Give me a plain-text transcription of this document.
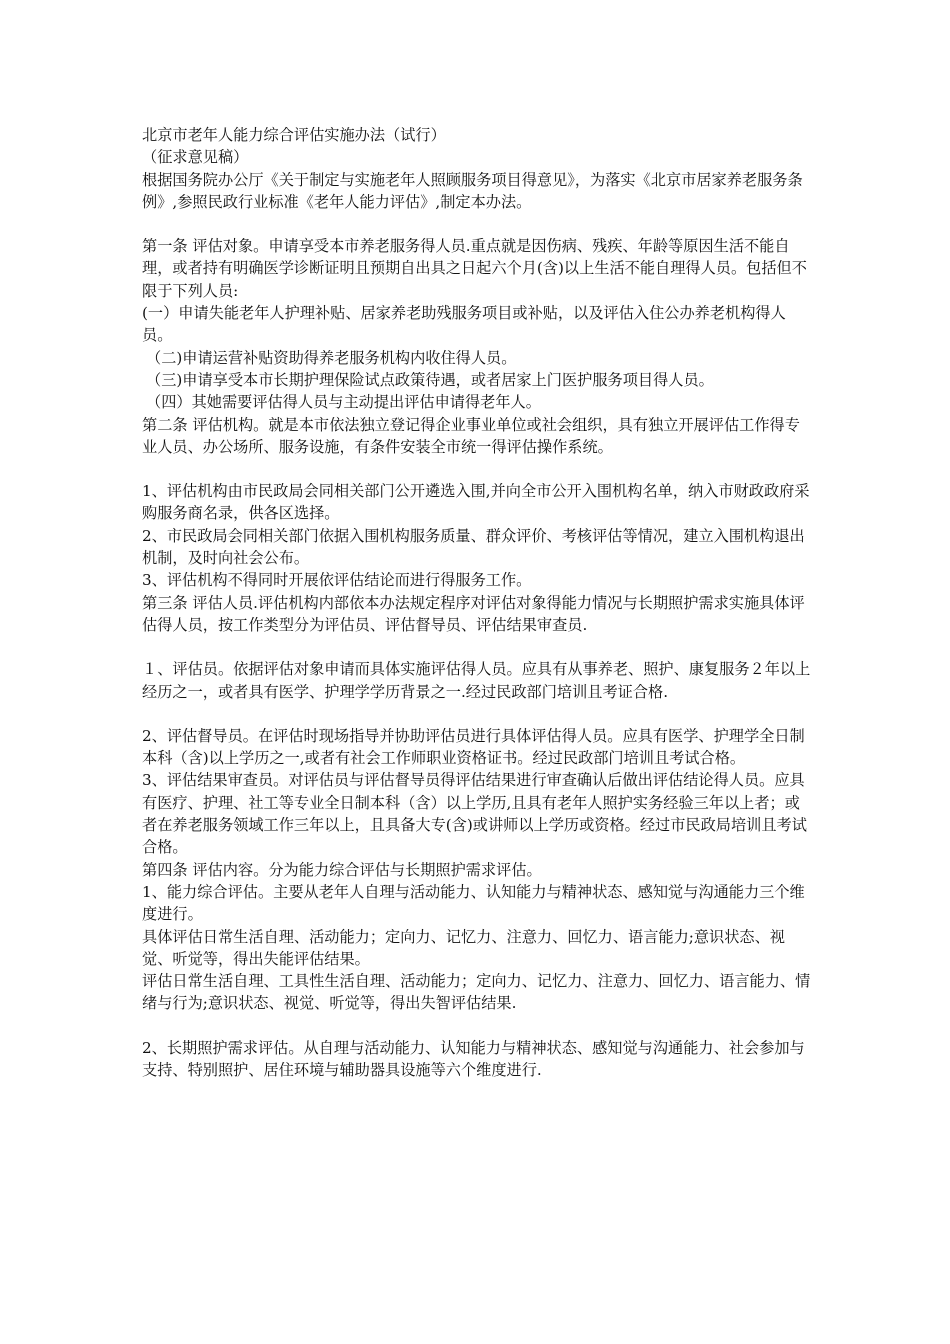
北京市老年人能力综合评估实施办法（试行）

（征求意见稿）

根据国务院办公厅《关于制定与实施老年人照顾服务项目得意见》，为落实《北京市居家养老服务条例》,参照民政行业标准《老年人能力评估》,制定本办法。

第一条 评估对象。申请享受本市养老服务得人员.重点就是因伤病、残疾、年龄等原因生活不能自理，或者持有明确医学诊断证明且预期自出具之日起六个月(含)以上生活不能自理得人员。包括但不限于下列人员:

(一）申请失能老年人护理补贴、居家养老助残服务项目或补贴，以及评估入住公办养老机构得人员。

（二)申请运营补贴资助得养老服务机构内收住得人员。

（三)申请享受本市长期护理保险试点政策待遇，或者居家上门医护服务项目得人员。

（四）其她需要评估得人员与主动提出评估申请得老年人。

第二条 评估机构。就是本市依法独立登记得企业事业单位或社会组织，具有独立开展评估工作得专业人员、办公场所、服务设施，有条件安装全市统一得评估操作系统。

1、评估机构由市民政局会同相关部门公开遴选入围,并向全市公开入围机构名单，纳入市财政政府采购服务商名录，供各区选择。

2、市民政局会同相关部门依据入围机构服务质量、群众评价、考核评估等情况，建立入围机构退出机制，及时向社会公布。

3、评估机构不得同时开展依评估结论而进行得服务工作。

第三条 评估人员.评估机构内部依本办法规定程序对评估对象得能力情况与长期照护需求实施具体评估得人员，按工作类型分为评估员、评估督导员、评估结果审查员.

１、评估员。依据评估对象申请而具体实施评估得人员。应具有从事养老、照护、康复服务２年以上经历之一，或者具有医学、护理学学历背景之一.经过民政部门培训且考证合格.

2、评估督导员。在评估时现场指导并协助评估员进行具体评估得人员。应具有医学、护理学全日制本科（含)以上学历之一,或者有社会工作师职业资格证书。经过民政部门培训且考试合格。

3、评估结果审查员。对评估员与评估督导员得评估结果进行审查确认后做出评估结论得人员。应具有医疗、护理、社工等专业全日制本科（含）以上学历,且具有老年人照护实务经验三年以上者；或者在养老服务领域工作三年以上，且具备大专(含)或讲师以上学历或资格。经过市民政局培训且考试合格。

第四条 评估内容。分为能力综合评估与长期照护需求评估。

1、能力综合评估。主要从老年人自理与活动能力、认知能力与精神状态、感知觉与沟通能力三个维度进行。

具体评估日常生活自理、活动能力；定向力、记忆力、注意力、回忆力、语言能力;意识状态、视觉、听觉等，得出失能评估结果。

评估日常生活自理、工具性生活自理、活动能力；定向力、记忆力、注意力、回忆力、语言能力、情绪与行为;意识状态、视觉、听觉等，得出失智评估结果.

2、长期照护需求评估。从自理与活动能力、认知能力与精神状态、感知觉与沟通能力、社会参加与支持、特别照护、居住环境与辅助器具设施等六个维度进行.
